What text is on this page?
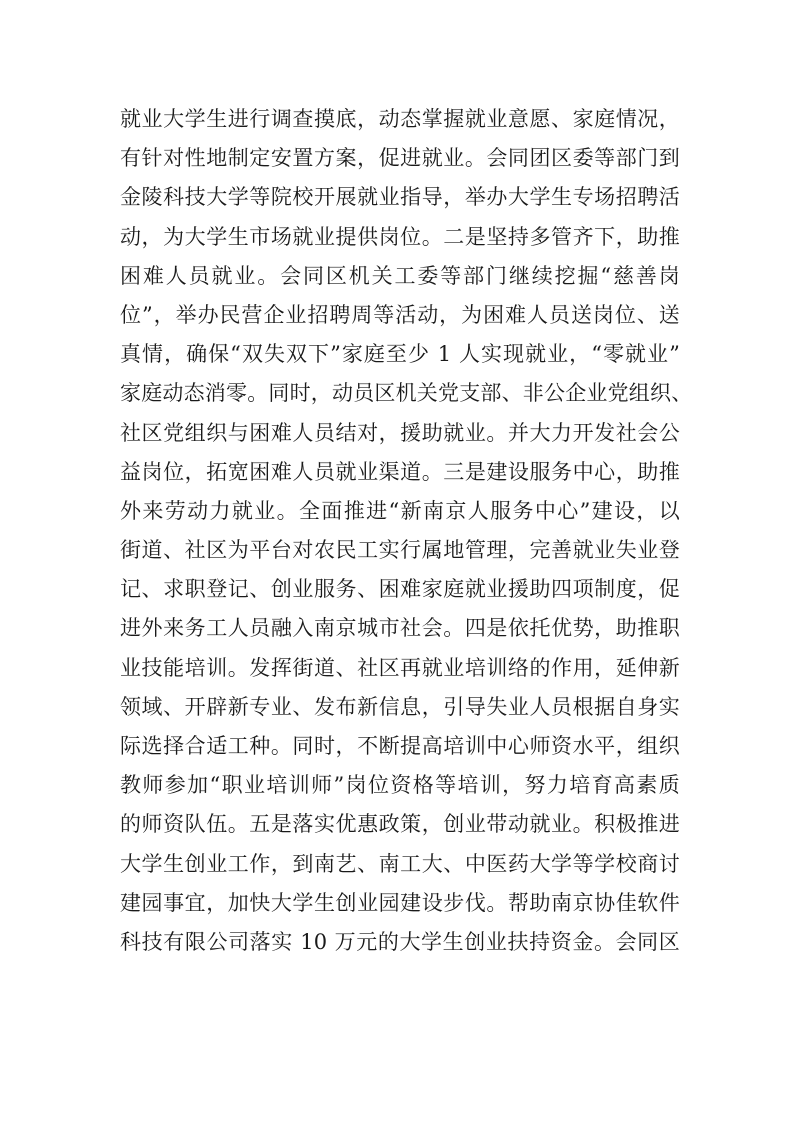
就业大学生进行调查摸底，动态掌握就业意愿、家庭情况，
有针对性地制定安置方案，促进就业。会同团区委等部门到
金陵科技大学等院校开展就业指导，举办大学生专场招聘活
动，为大学生市场就业提供岗位。二是坚持多管齐下，助推
困难人员就业。会同区机关工委等部门继续挖掘“慈善岗
位”，举办民营企业招聘周等活动，为困难人员送岗位、送
真情，确保“双失双下”家庭至少 1 人实现就业，“零就业”
家庭动态消零。同时，动员区机关党支部、非公企业党组织、
社区党组织与困难人员结对，援助就业。并大力开发社会公
益岗位，拓宽困难人员就业渠道。三是建设服务中心，助推
外来劳动力就业。全面推进“新南京人服务中心”建设，以
街道、社区为平台对农民工实行属地管理，完善就业失业登
记、求职登记、创业服务、困难家庭就业援助四项制度，促
进外来务工人员融入南京城市社会。四是依托优势，助推职
业技能培训。发挥街道、社区再就业培训络的作用，延伸新
领域、开辟新专业、发布新信息，引导失业人员根据自身实
际选择合适工种。同时，不断提高培训中心师资水平，组织
教师参加“职业培训师”岗位资格等培训，努力培育高素质
的师资队伍。五是落实优惠政策，创业带动就业。积极推进
大学生创业工作，到南艺、南工大、中医药大学等学校商讨
建园事宜，加快大学生创业园建设步伐。帮助南京协佳软件
科技有限公司落实 10 万元的大学生创业扶持资金。会同区
